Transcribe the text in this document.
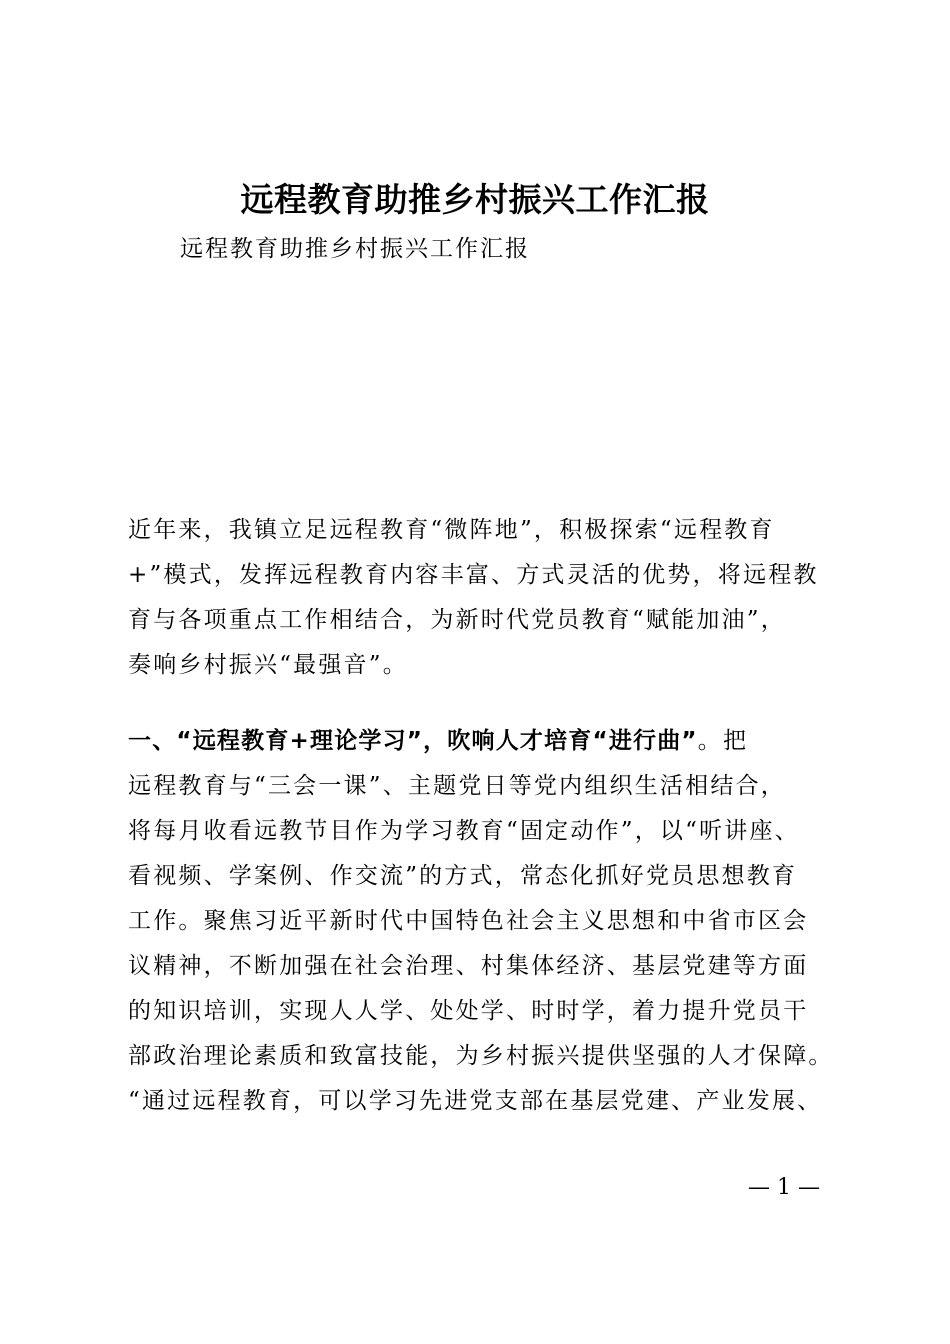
远程教育助推乡村振兴工作汇报
远程教育助推乡村振兴工作汇报
近年来，我镇立足远程教育“微阵地”，积极探索“远程教育
+”模式，发挥远程教育内容丰富、方式灵活的优势，将远程教
育与各项重点工作相结合，为新时代党员教育“赋能加油”，
奏响乡村振兴“最强音”。
一、“远程教育+理论学习”，吹响人才培育“进行曲”。把
远程教育与“三会一课”、主题党日等党内组织生活相结合，
将每月收看远教节目作为学习教育“固定动作”，以“听讲座、
看视频、学案例、作交流”的方式，常态化抓好党员思想教育
工作。聚焦习近平新时代中国特色社会主义思想和中省市区会
议精神，不断加强在社会治理、村集体经济、基层党建等方面
的知识培训，实现人人学、处处学、时时学，着力提升党员干
部政治理论素质和致富技能，为乡村振兴提供坚强的人才保障。
“通过远程教育，可以学习先进党支部在基层党建、产业发展、
— 1 —
